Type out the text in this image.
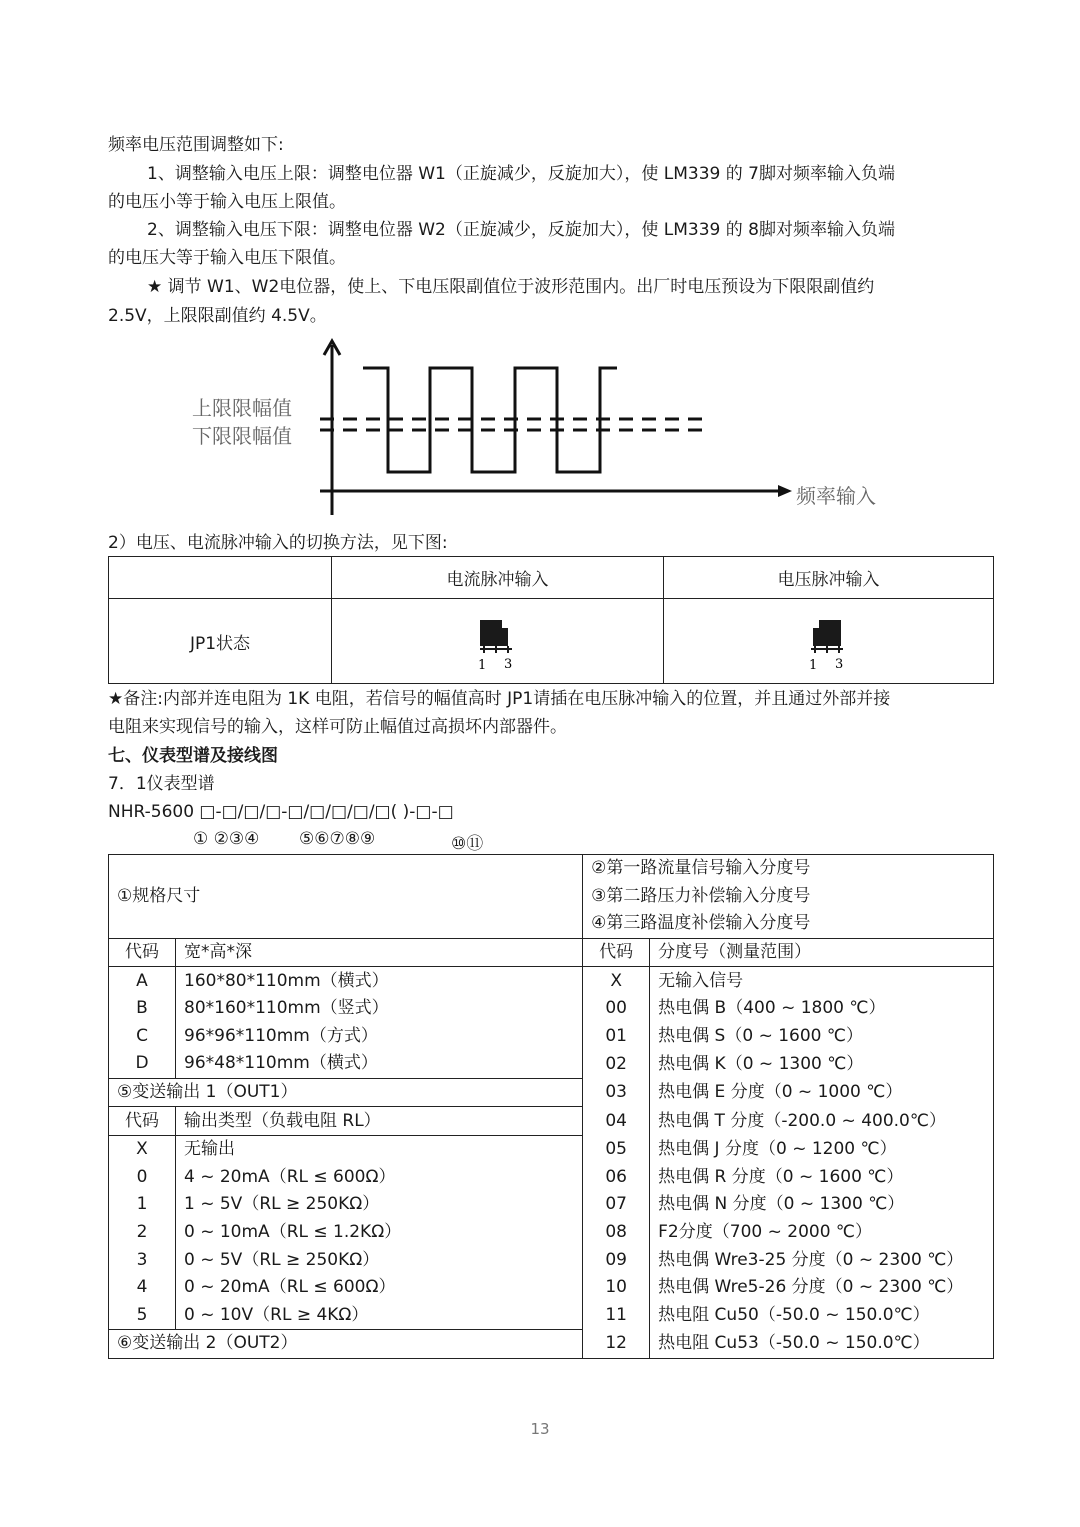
频率电压范围调整如下:
1、调整输入电压上限：调整电位器 W1（正旋减少，反旋加大），使 LM339 的 7脚对频率输入负端
的电压小等于输入电压上限值。
2、调整输入电压下限：调整电位器 W2（正旋减少，反旋加大），使 LM339 的 8脚对频率输入负端
的电压大等于输入电压下限值。
★ 调节 W1、W2电位器，使上、下电压限副值位于波形范围内。出厂时电压预设为下限限副值约
2.5V，上限限副值约 4.5V。
上限限幅值
下限限幅值
频率输入
2）电压、电流脉冲输入的切换方法，见下图:
	电流脉冲输入	电压脉冲输入
JP1状态	1 3	1 3
★备注:内部并连电阻为 1K 电阻，若信号的幅值高时 JP1请插在电压脉冲输入的位置，并且通过外部并接
电阻来实现信号的输入，这样可防止幅值过高损坏内部器件。
七、仪表型谱及接线图
7．1仪表型谱
NHR-5600 □-□/□/□-□/□/□/□/□( )-□-□
① ②③④ ⑤⑥⑦⑧⑨	⑩⑪
①规格尺寸		②第一路流量信号输入分度号	
		③第二路压力补偿输入分度号	
		④第三路温度补偿输入分度号	
代码	宽*高*深	代码	分度号（测量范围）
A	160*80*110mm（横式）	X	无输入信号
B	80*160*110mm（竖式）	00	热电偶 B（400 ~ 1800 ℃）
C	96*96*110mm（方式）	01	热电偶 S（0 ~ 1600 ℃）
D	96*48*110mm（横式）	02	热电偶 K（0 ~ 1300 ℃）
⑤变送输出 1（OUT1）		03	热电偶 E 分度（0 ~ 1000 ℃）
代码	输出类型（负载电阻 RL）	04	热电偶 T 分度（-200.0 ~ 400.0℃）
X	无输出	05	热电偶 J 分度（0 ~ 1200 ℃）
0	4 ~ 20mA（RL ≤ 600Ω）	06	热电偶 R 分度（0 ~ 1600 ℃）
1	1 ~ 5V（RL ≥ 250KΩ）	07	热电偶 N 分度（0 ~ 1300 ℃）
2	0 ~ 10mA（RL ≤ 1.2KΩ）	08	F2分度（700 ~ 2000 ℃）
3	0 ~ 5V（RL ≥ 250KΩ）	09	热电偶 Wre3-25 分度（0 ~ 2300 ℃）
4	0 ~ 20mA（RL ≤ 600Ω）	10	热电偶 Wre5-26 分度（0 ~ 2300 ℃）
5	0 ~ 10V（RL ≥ 4KΩ）	11	热电阻 Cu50（-50.0 ~ 150.0℃）
⑥变送输出 2（OUT2）		12	热电阻 Cu53（-50.0 ~ 150.0℃）
13
